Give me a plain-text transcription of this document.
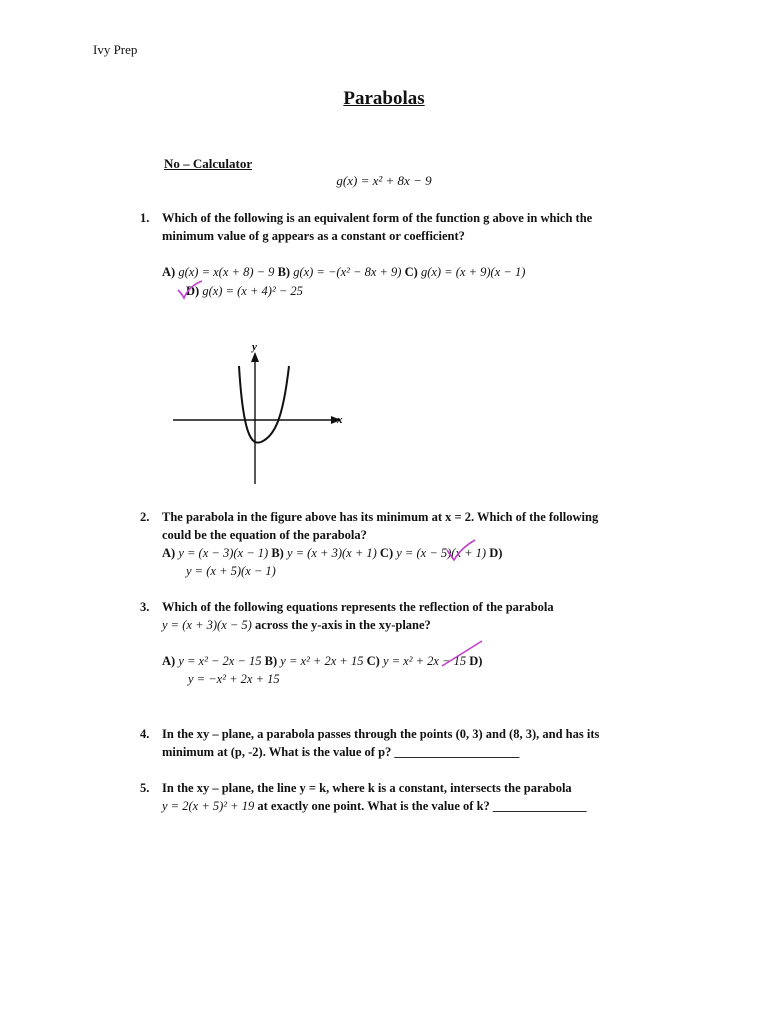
Ivy Prep
Parabolas
No – Calculator
g(x) = x² + 8x − 9
1. Which of the following is an equivalent form of the function g above in which the
minimum value of g appears as a constant or coefficient?
A) g(x) = x(x + 8) − 9 B) g(x) = −(x² − 8x + 9) C) g(x) = (x + 9)(x − 1)
D) g(x) = (x + 4)² − 25
y
x
2. The parabola in the figure above has its minimum at x = 2. Which of the following
could be the equation of the parabola?
A) y = (x − 3)(x − 1) B) y = (x + 3)(x + 1) C) y = (x − 5)(x + 1) D)
y = (x + 5)(x − 1)
3. Which of the following equations represents the reflection of the parabola
y = (x + 3)(x − 5) across the y-axis in the xy-plane?
A) y = x² − 2x − 15 B) y = x² + 2x + 15 C) y = x² + 2x − 15 D)
y = −x² + 2x + 15
4. In the xy – plane, a parabola passes through the points (0, 3) and (8, 3), and has its
minimum at (p, -2). What is the value of p? ____________________
5. In the xy – plane, the line y = k, where k is a constant, intersects the parabola
y = 2(x + 5)² + 19 at exactly one point. What is the value of k? _______________
